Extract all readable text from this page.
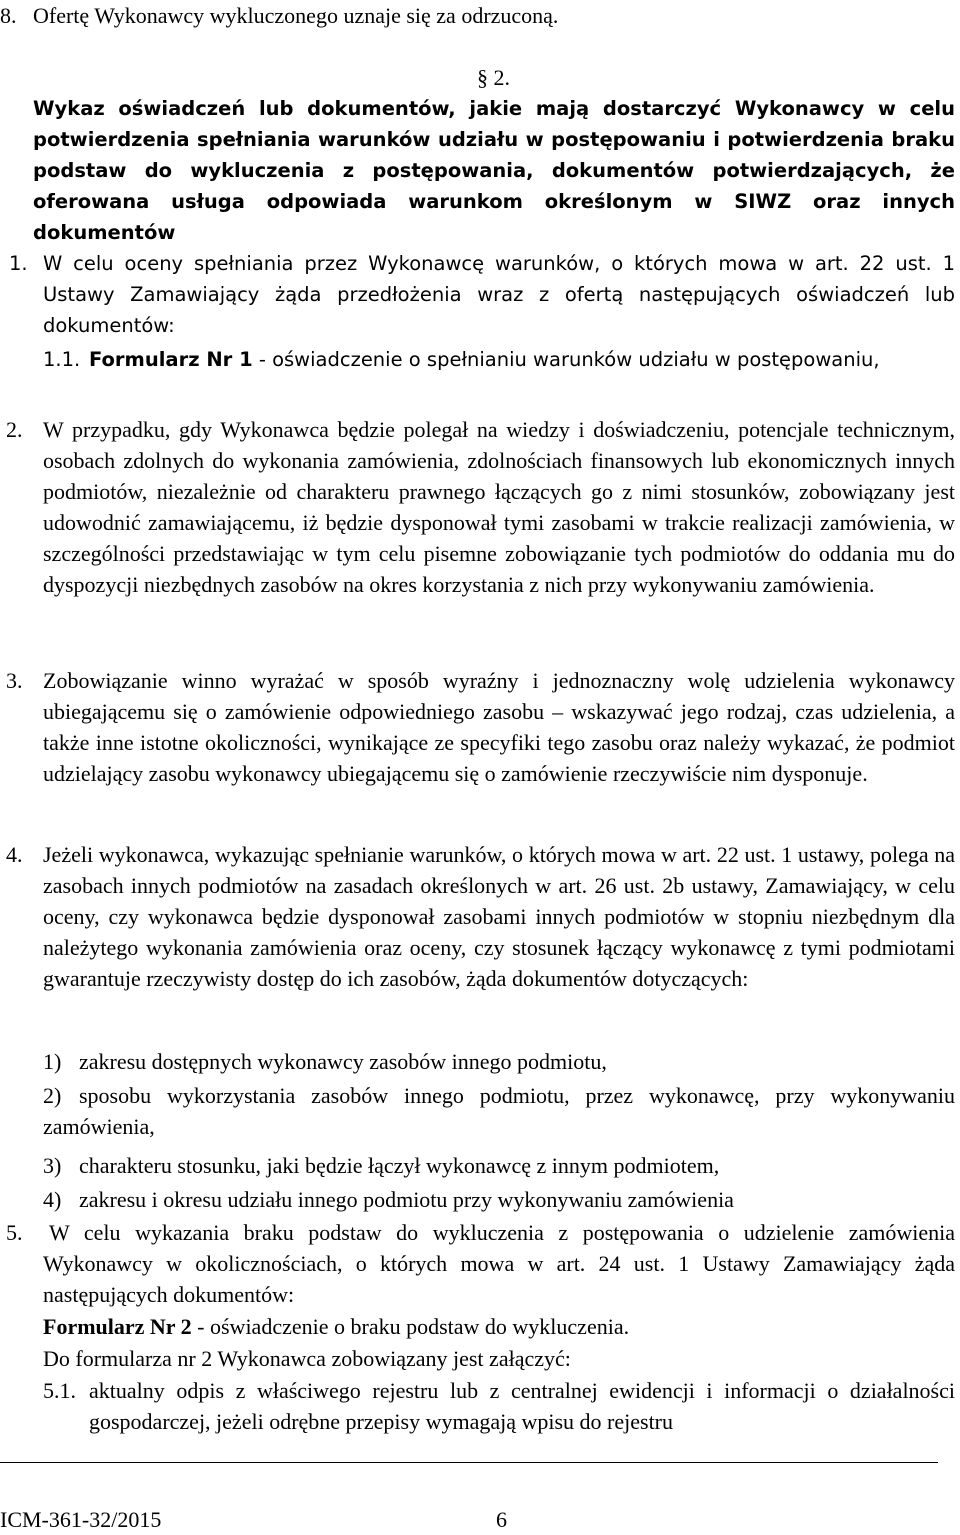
8. Ofertę Wykonawcy wykluczonego uznaje się za odrzuconą.
§ 2.
Wykaz oświadczeń lub dokumentów, jakie mają dostarczyć Wykonawcy w celu potwierdzenia spełniania warunków udziału w postępowaniu i potwierdzenia braku podstaw do wykluczenia z postępowania, dokumentów potwierdzających, że oferowana usługa odpowiada warunkom określonym w SIWZ oraz innych dokumentów
1. W celu oceny spełniania przez Wykonawcę warunków, o których mowa w art. 22 ust. 1 Ustawy Zamawiający żąda przedłożenia wraz z ofertą następujących oświadczeń lub dokumentów:
1.1. Formularz Nr 1 - oświadczenie o spełnianiu warunków udziału w postępowaniu,
2. W przypadku, gdy Wykonawca będzie polegał na wiedzy i doświadczeniu, potencjale technicznym, osobach zdolnych do wykonania zamówienia, zdolnościach finansowych lub ekonomicznych innych podmiotów, niezależnie od charakteru prawnego łączących go z nimi stosunków, zobowiązany jest udowodnić zamawiającemu, iż będzie dysponował tymi zasobami w trakcie realizacji zamówienia, w szczególności przedstawiając w tym celu pisemne zobowiązanie tych podmiotów do oddania mu do dyspozycji niezbędnych zasobów na okres korzystania z nich przy wykonywaniu zamówienia.
3. Zobowiązanie winno wyrażać w sposób wyraźny i jednoznaczny wolę udzielenia wykonawcy ubiegającemu się o zamówienie odpowiedniego zasobu – wskazywać jego rodzaj, czas udzielenia, a także inne istotne okoliczności, wynikające ze specyfiki tego zasobu oraz należy wykazać, że podmiot udzielający zasobu wykonawcy ubiegającemu się o zamówienie rzeczywiście nim dysponuje.
4. Jeżeli wykonawca, wykazując spełnianie warunków, o których mowa w art. 22 ust. 1 ustawy, polega na zasobach innych podmiotów na zasadach określonych w art. 26 ust. 2b ustawy, Zamawiający, w celu oceny, czy wykonawca będzie dysponował zasobami innych podmiotów w stopniu niezbędnym dla należytego wykonania zamówienia oraz oceny, czy stosunek łączący wykonawcę z tymi podmiotami gwarantuje rzeczywisty dostęp do ich zasobów, żąda dokumentów dotyczących:
1) zakresu dostępnych wykonawcy zasobów innego podmiotu,
2) sposobu wykorzystania zasobów innego podmiotu, przez wykonawcę, przy wykonywaniu zamówienia,
3) charakteru stosunku, jaki będzie łączył wykonawcę z innym podmiotem,
4) zakresu i okresu udziału innego podmiotu przy wykonywaniu zamówienia
5. W celu wykazania braku podstaw do wykluczenia z postępowania o udzielenie zamówienia Wykonawcy w okolicznościach, o których mowa w art. 24 ust. 1 Ustawy Zamawiający żąda następujących dokumentów:
Formularz Nr 2 - oświadczenie o braku podstaw do wykluczenia.
Do formularza nr 2 Wykonawca zobowiązany jest załączyć:
5.1. aktualny odpis z właściwego rejestru lub z centralnej ewidencji i informacji o działalności gospodarczej, jeżeli odrębne przepisy wymagają wpisu do rejestru
ICM-361-32/2015	6
